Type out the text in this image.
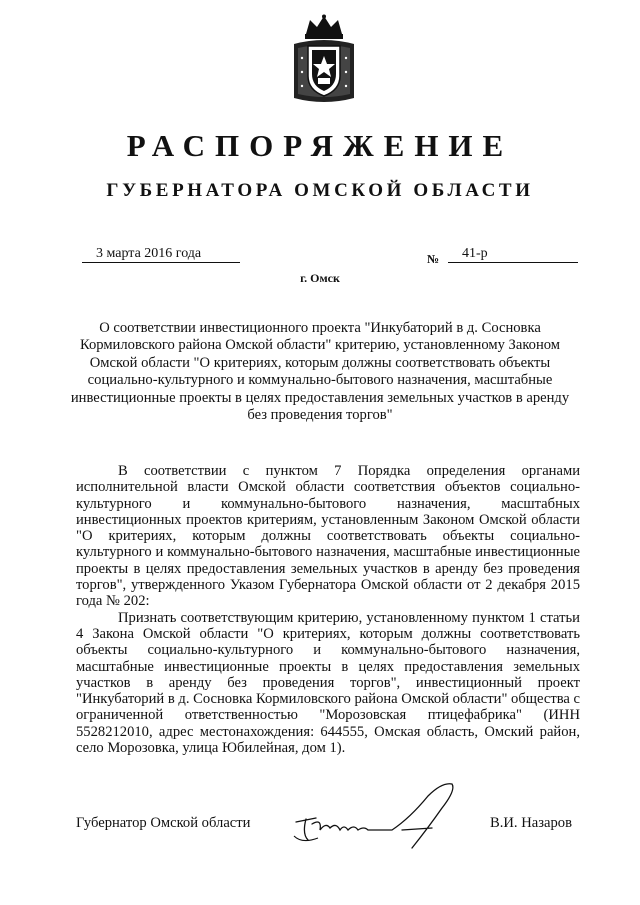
РАСПОРЯЖЕНИЕ
ГУБЕРНАТОРА ОМСКОЙ ОБЛАСТИ
3 марта 2016 года	№	41-р
г. Омск
О соответствии инвестиционного проекта "Инкубаторий в д. Сосновка Кормиловского района Омской области" критерию, установленному Законом Омской области "О критериях, которым должны соответствовать объекты социально-культурного и коммунально-бытового назначения, масштабные инвестиционные проекты в целях предоставления земельных участков в аренду без проведения торгов"

В соответствии с пунктом 7 Порядка определения органами исполнительной власти Омской области соответствия объектов социально-культурного и коммунально-бытового назначения, масштабных инвестиционных проектов критериям, установленным Законом Омской области "О критериях, которым должны соответствовать объекты социально-культурного и коммунально-бытового назначения, масштабные инвестиционные проекты в целях предоставления земельных участков в аренду без проведения торгов", утвержденного Указом Губернатора Омской области от 2 декабря 2015 года № 202:

Признать соответствующим критерию, установленному пунктом 1 статьи 4 Закона Омской области "О критериях, которым должны соответствовать объекты социально-культурного и коммунально-бытового назначения, масштабные инвестиционные проекты в целях предоставления земельных участков в аренду без проведения торгов", инвестиционный проект "Инкубаторий в д. Сосновка Кормиловского района Омской области" общества с ограниченной ответственностью "Морозовская птицефабрика" (ИНН 5528212010, адрес местонахождения: 644555, Омская область, Омский район, село Морозовка, улица Юбилейная, дом 1).

Губернатор Омской области	В.И. Назаров
